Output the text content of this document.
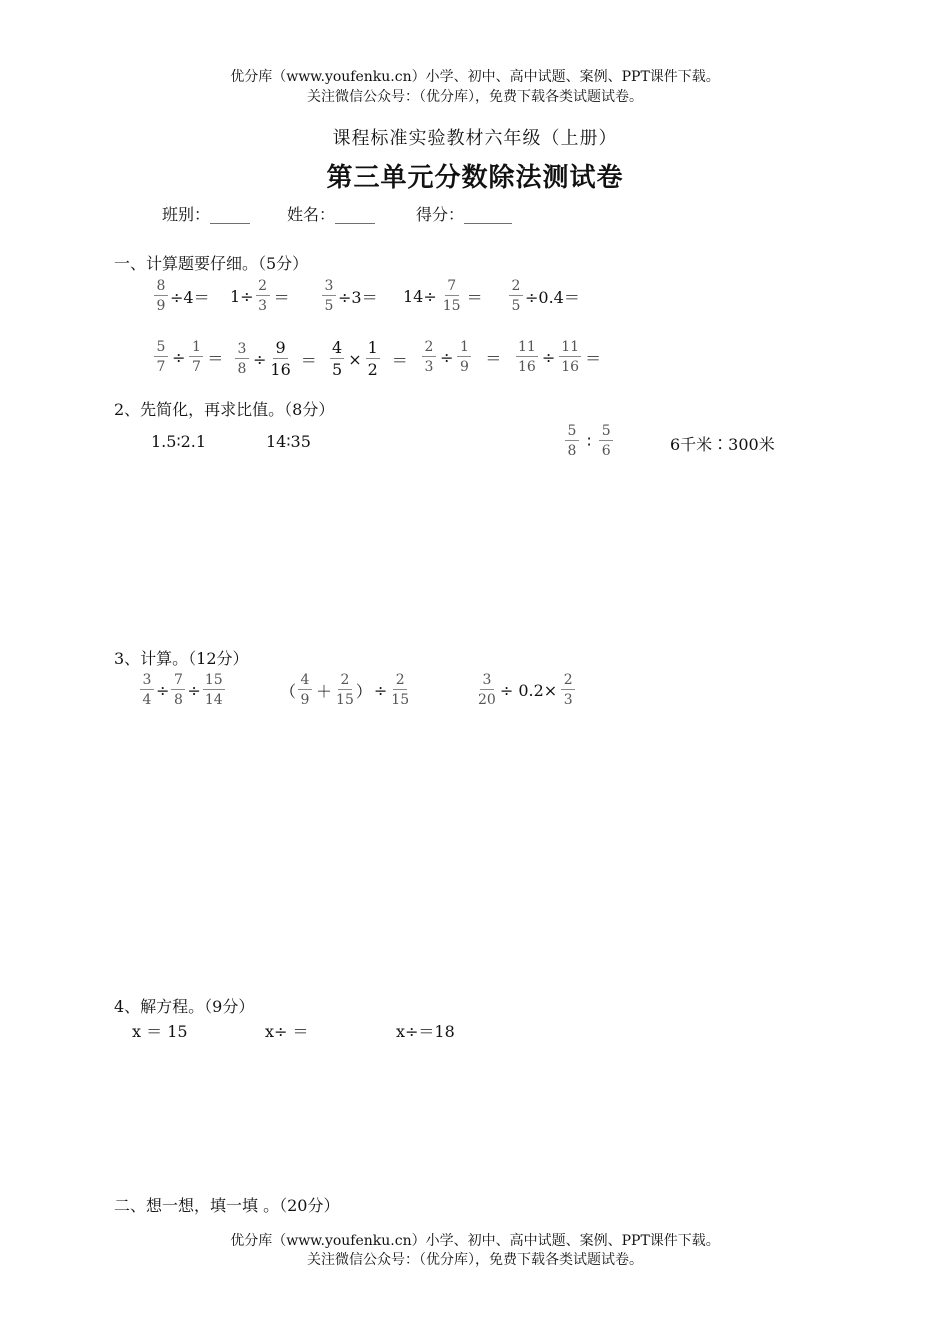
优分库（www.youfenku.cn）小学、初中、高中试题、案例、PPT课件下载。
关注微信公众号：（优分库），免费下载各类试题试卷。
课程标准实验教材六年级（上册）
第三单元分数除法测试卷
班别：_____ 姓名：_____	得分：______
一、计算题要仔细。（5分）
$\frac{8}{9} \div 4= 1\div \frac{2}{3} = \frac{3}{5} \div 3= 14\div \frac{7}{15} = \frac{2}{5} \div 0.4=$
$\frac{5}{7} \div \frac{1}{7} = \frac{3}{8} \div \frac{9}{16} = \frac{4}{5} \times \frac{1}{2} = \frac{2}{3} \div \frac{1}{9} = \frac{11}{16} \div \frac{11}{16}$ ＝
2、先简化，再求比值。（8分）
1.5∶2.1	14∶35	$\frac{5}{8}$ ∶ $\frac{5}{6}$	6千米∶300米
3、计算。（12分）
$\frac{3}{4} \div \frac{7}{8} \div \frac{15}{14}$	（ $\frac{4}{9} + \frac{2}{15}$ ） ÷ $\frac{2}{15}$	$\frac{3}{20} \div 0.2\times \frac{2}{3}$
4、解方程。（9分）
x ＝ 15	x÷ ＝	x÷＝18
二、想一想，填一填 。（20分）
优分库（www.youfenku.cn）小学、初中、高中试题、案例、PPT课件下载。
关注微信公众号：（优分库），免费下载各类试题试卷。
